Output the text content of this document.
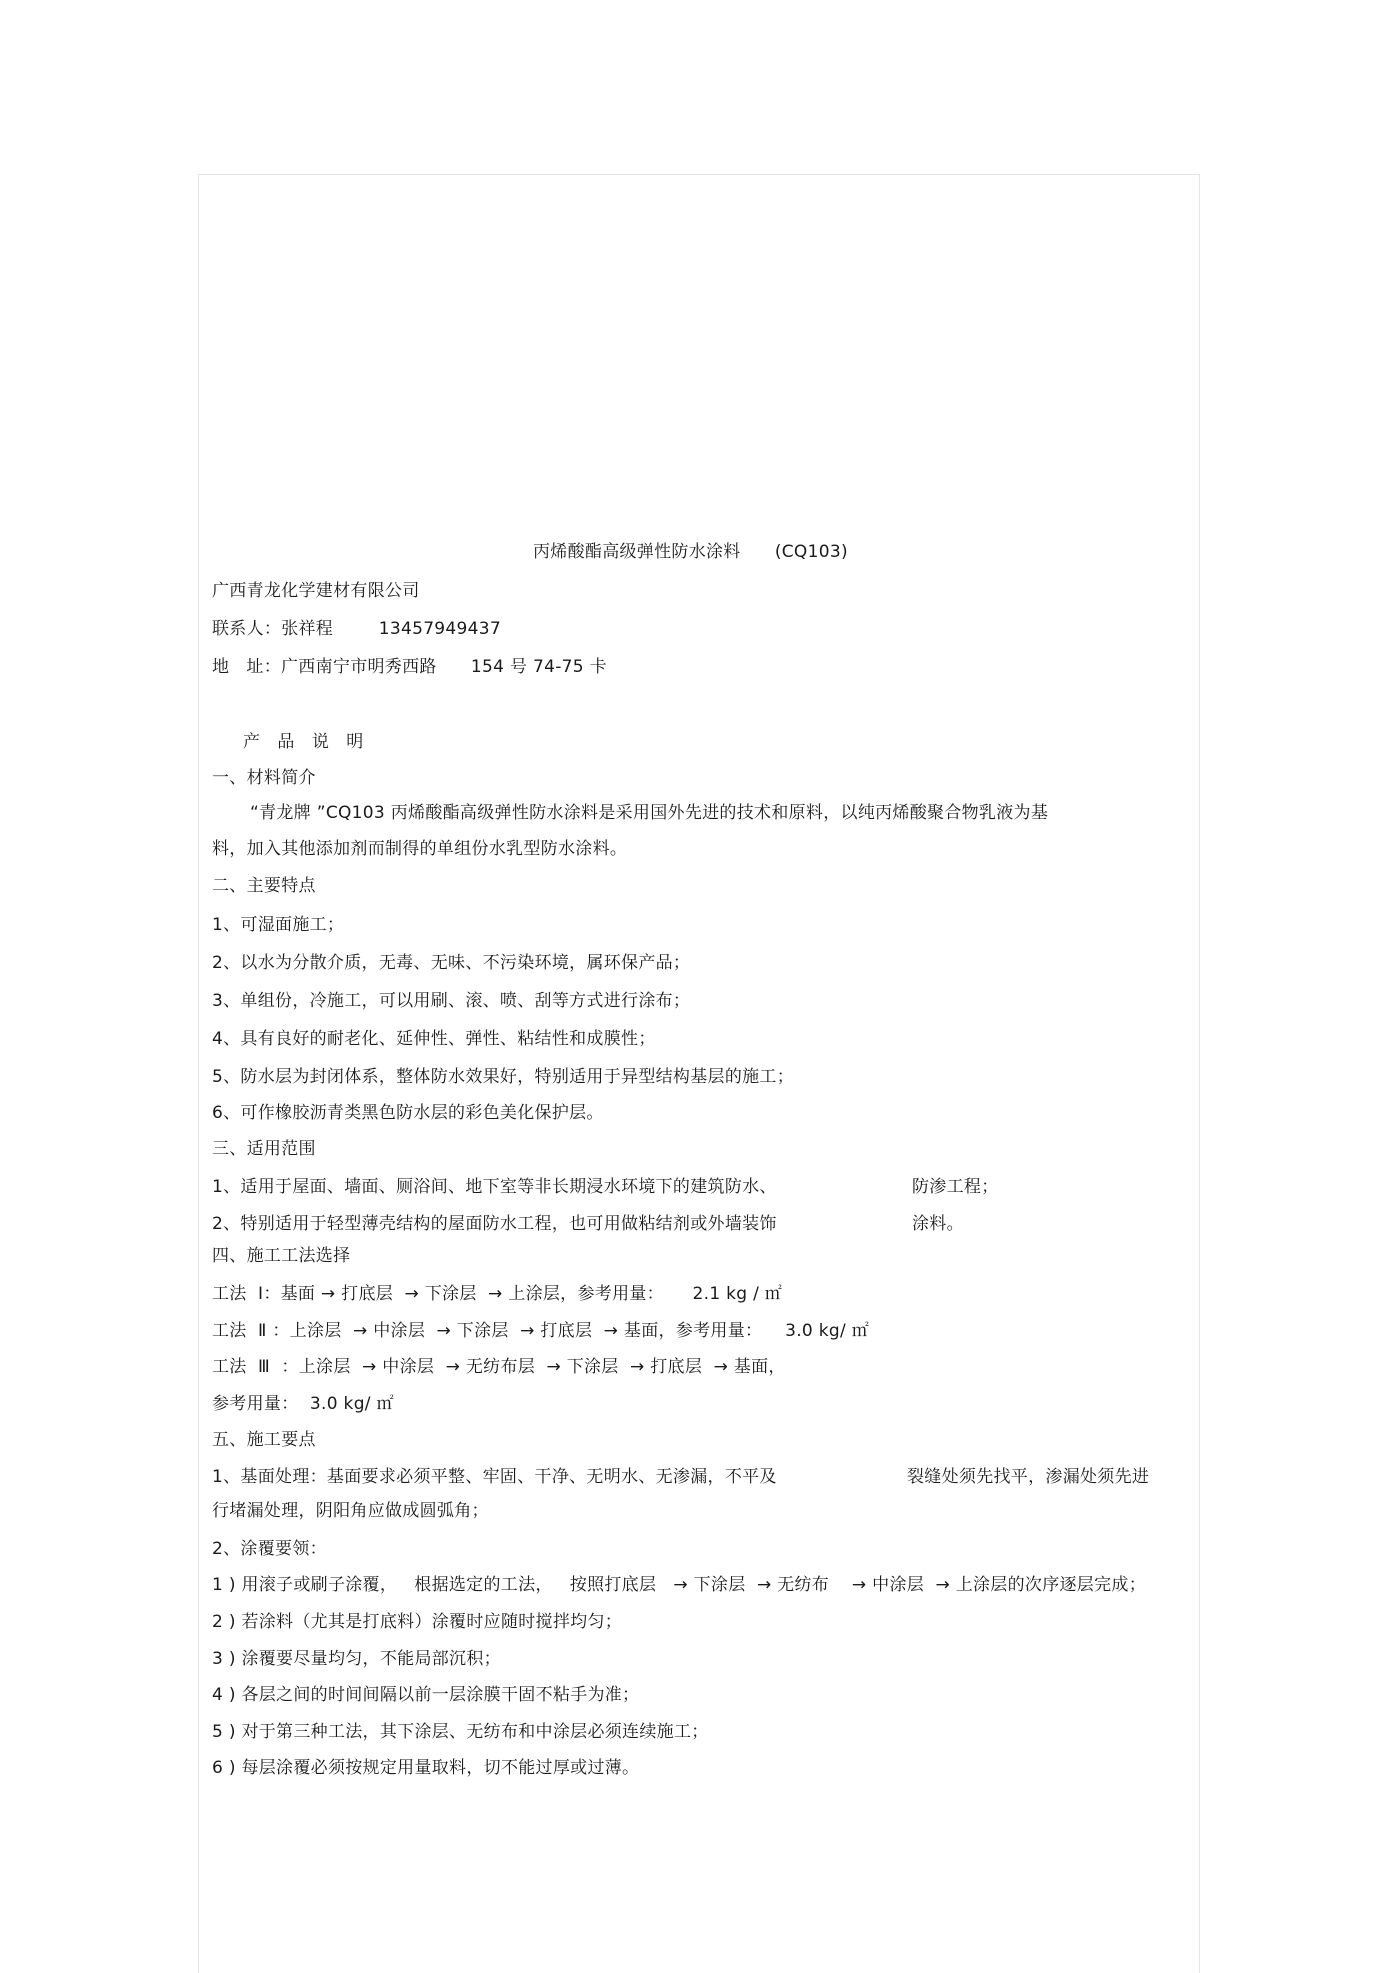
丙烯酸酯高级弹性防水涂料      (CQ103)
广西青龙化学建材有限公司
联系人：张祥程        13457949437
地   址：广西南宁市明秀西路      154 号 74-75 卡
产   品   说   明
一、材料简介
“青龙牌 ”CQ103 丙烯酸酯高级弹性防水涂料是采用国外先进的技术和原料，以纯丙烯酸聚合物乳液为基
料，加入其他添加剂而制得的单组份水乳型防水涂料。
二、主要特点
1、可湿面施工；
2、以水为分散介质，无毒、无味、不污染环境，属环保产品；
3、单组份，冷施工，可以用刷、滚、喷、刮等方式进行涂布；
4、具有良好的耐老化、延伸性、弹性、粘结性和成膜性；
5、防水层为封闭体系，整体防水效果好，特别适用于异型结构基层的施工；
6、可作橡胶沥青类黑色防水层的彩色美化保护层。
三、适用范围
1、适用于屋面、墙面、厕浴间、地下室等非长期浸水环境下的建筑防水、	防渗工程；
2、特别适用于轻型薄壳结构的屋面防水工程，也可用做粘结剂或外墙装饰	涂料。
四、施工工法选择
工法  Ⅰ：基面 → 打底层  → 下涂层  → 上涂层，参考用量：     2.1 kg / ㎡
工法  Ⅱ ：上涂层  → 中涂层  → 下涂层  → 打底层  → 基面，参考用量：    3.0 kg/ ㎡
工法  Ⅲ  ：上涂层  → 中涂层  → 无纺布层  → 下涂层  → 打底层  → 基面，
参考用量：  3.0 kg/ ㎡
五、施工要点
1、基面处理：基面要求必须平整、牢固、干净、无明水、无渗漏，不平及	裂缝处须先找平，渗漏处须先进
行堵漏处理，阴阳角应做成圆弧角；
2、涂覆要领：
1 ) 用滚子或刷子涂覆，   根据选定的工法，   按照打底层   → 下涂层  → 无纺布    → 中涂层  → 上涂层的次序逐层完成；
2 ) 若涂料（尤其是打底料）涂覆时应随时搅拌均匀；
3 ) 涂覆要尽量均匀，不能局部沉积；
4 ) 各层之间的时间间隔以前一层涂膜干固不粘手为准；
5 ) 对于第三种工法，其下涂层、无纺布和中涂层必须连续施工；
6 ) 每层涂覆必须按规定用量取料，切不能过厚或过薄。
